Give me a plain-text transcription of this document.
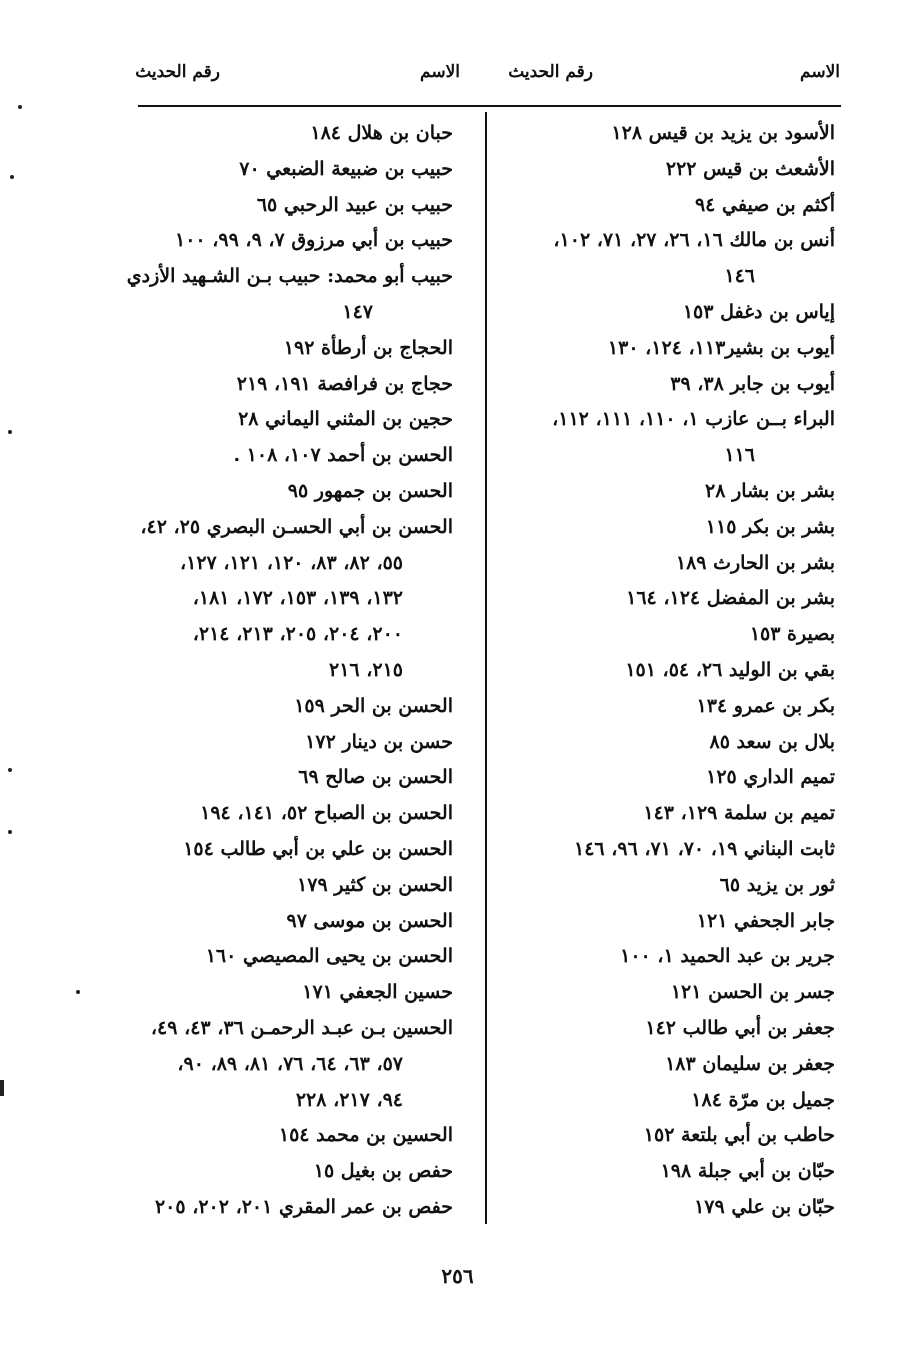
الاسم
رقم الحديث
الاسم
رقم الحديث
الأسود بن يزيد بن قيس ١٢٨
الأشعث بن قيس ٢٢٢
أكثم بن صيفي ٩٤
أنس بن مالك ١٦، ٢٦، ٢٧، ٧١، ١٠٢،
١٤٦
إياس بن دغفل ١٥٣
أيوب بن بشير١١٣، ١٢٤، ١٣٠
أيوب بن جابر ٣٨، ٣٩
البراء بــن عازب ١، ١١٠، ١١١، ١١٢،
١١٦
بشر بن بشار ٢٨
بشر بن بكر ١١٥
بشر بن الحارث ١٨٩
بشر بن المفضل ١٢٤، ١٦٤
بصيرة ١٥٣
بقي بن الوليد ٢٦، ٥٤، ١٥١
بكر بن عمرو ١٣٤
بلال بن سعد ٨٥
تميم الداري ١٢٥
تميم بن سلمة ١٢٩، ١٤٣
ثابت البناني ١٩، ٧٠، ٧١، ٩٦، ١٤٦
ثور بن يزيد ٦٥
جابر الجحفي ١٢١
جرير بن عبد الحميد ١، ١٠٠
جسر بن الحسن ١٢١
جعفر بن أبي طالب ١٤٢
جعفر بن سليمان ١٨٣
جميل بن مرّة ١٨٤
حاطب بن أبي بلتعة ١٥٢
حبّان بن أبي جبلة ١٩٨
حبّان بن علي ١٧٩
حبان بن هلال ١٨٤
حبيب بن ضبيعة الضبعي ٧٠
حبيب بن عبيد الرحبي ٦٥
حبيب بن أبي مرزوق ٧، ٩، ٩٩، ١٠٠
حبيب أبو محمد: حبيب بـن الشـهيد الأزدي
١٤٧
الحجاج بن أرطأة ١٩٢
حجاج بن فرافصة ١٩١، ٢١٩
حجين بن المثني اليماني ٢٨
الحسن بن أحمد ١٠٧، ١٠٨ .
الحسن بن جمهور ٩٥
الحسن بن أبي الحسـن البصري ٢٥، ٤٢،
٥٥، ٨٢، ٨٣، ١٢٠، ١٢١، ١٢٧،
١٣٢، ١٣٩، ١٥٣، ١٧٢، ١٨١،
٢٠٠، ٢٠٤، ٢٠٥، ٢١٣، ٢١٤،
٢١٥، ٢١٦
الحسن بن الحر ١٥٩
حسن بن دينار ١٧٢
الحسن بن صالح ٦٩
الحسن بن الصباح ٥٢، ١٤١، ١٩٤
الحسن بن علي بن أبي طالب ١٥٤
الحسن بن كثير ١٧٩
الحسن بن موسى ٩٧
الحسن بن يحيى المصيصي ١٦٠
حسين الجعفي ١٧١
الحسين بـن عبـد الرحمـن ٣٦، ٤٣، ٤٩،
٥٧، ٦٣، ٦٤، ٧٦، ٨١، ٨٩، ٩٠،
٩٤، ٢١٧، ٢٢٨
الحسين بن محمد ١٥٤
حفص بن بغيل ١٥
حفص بن عمر المقري ٢٠١، ٢٠٢، ٢٠٥
٢٥٦
